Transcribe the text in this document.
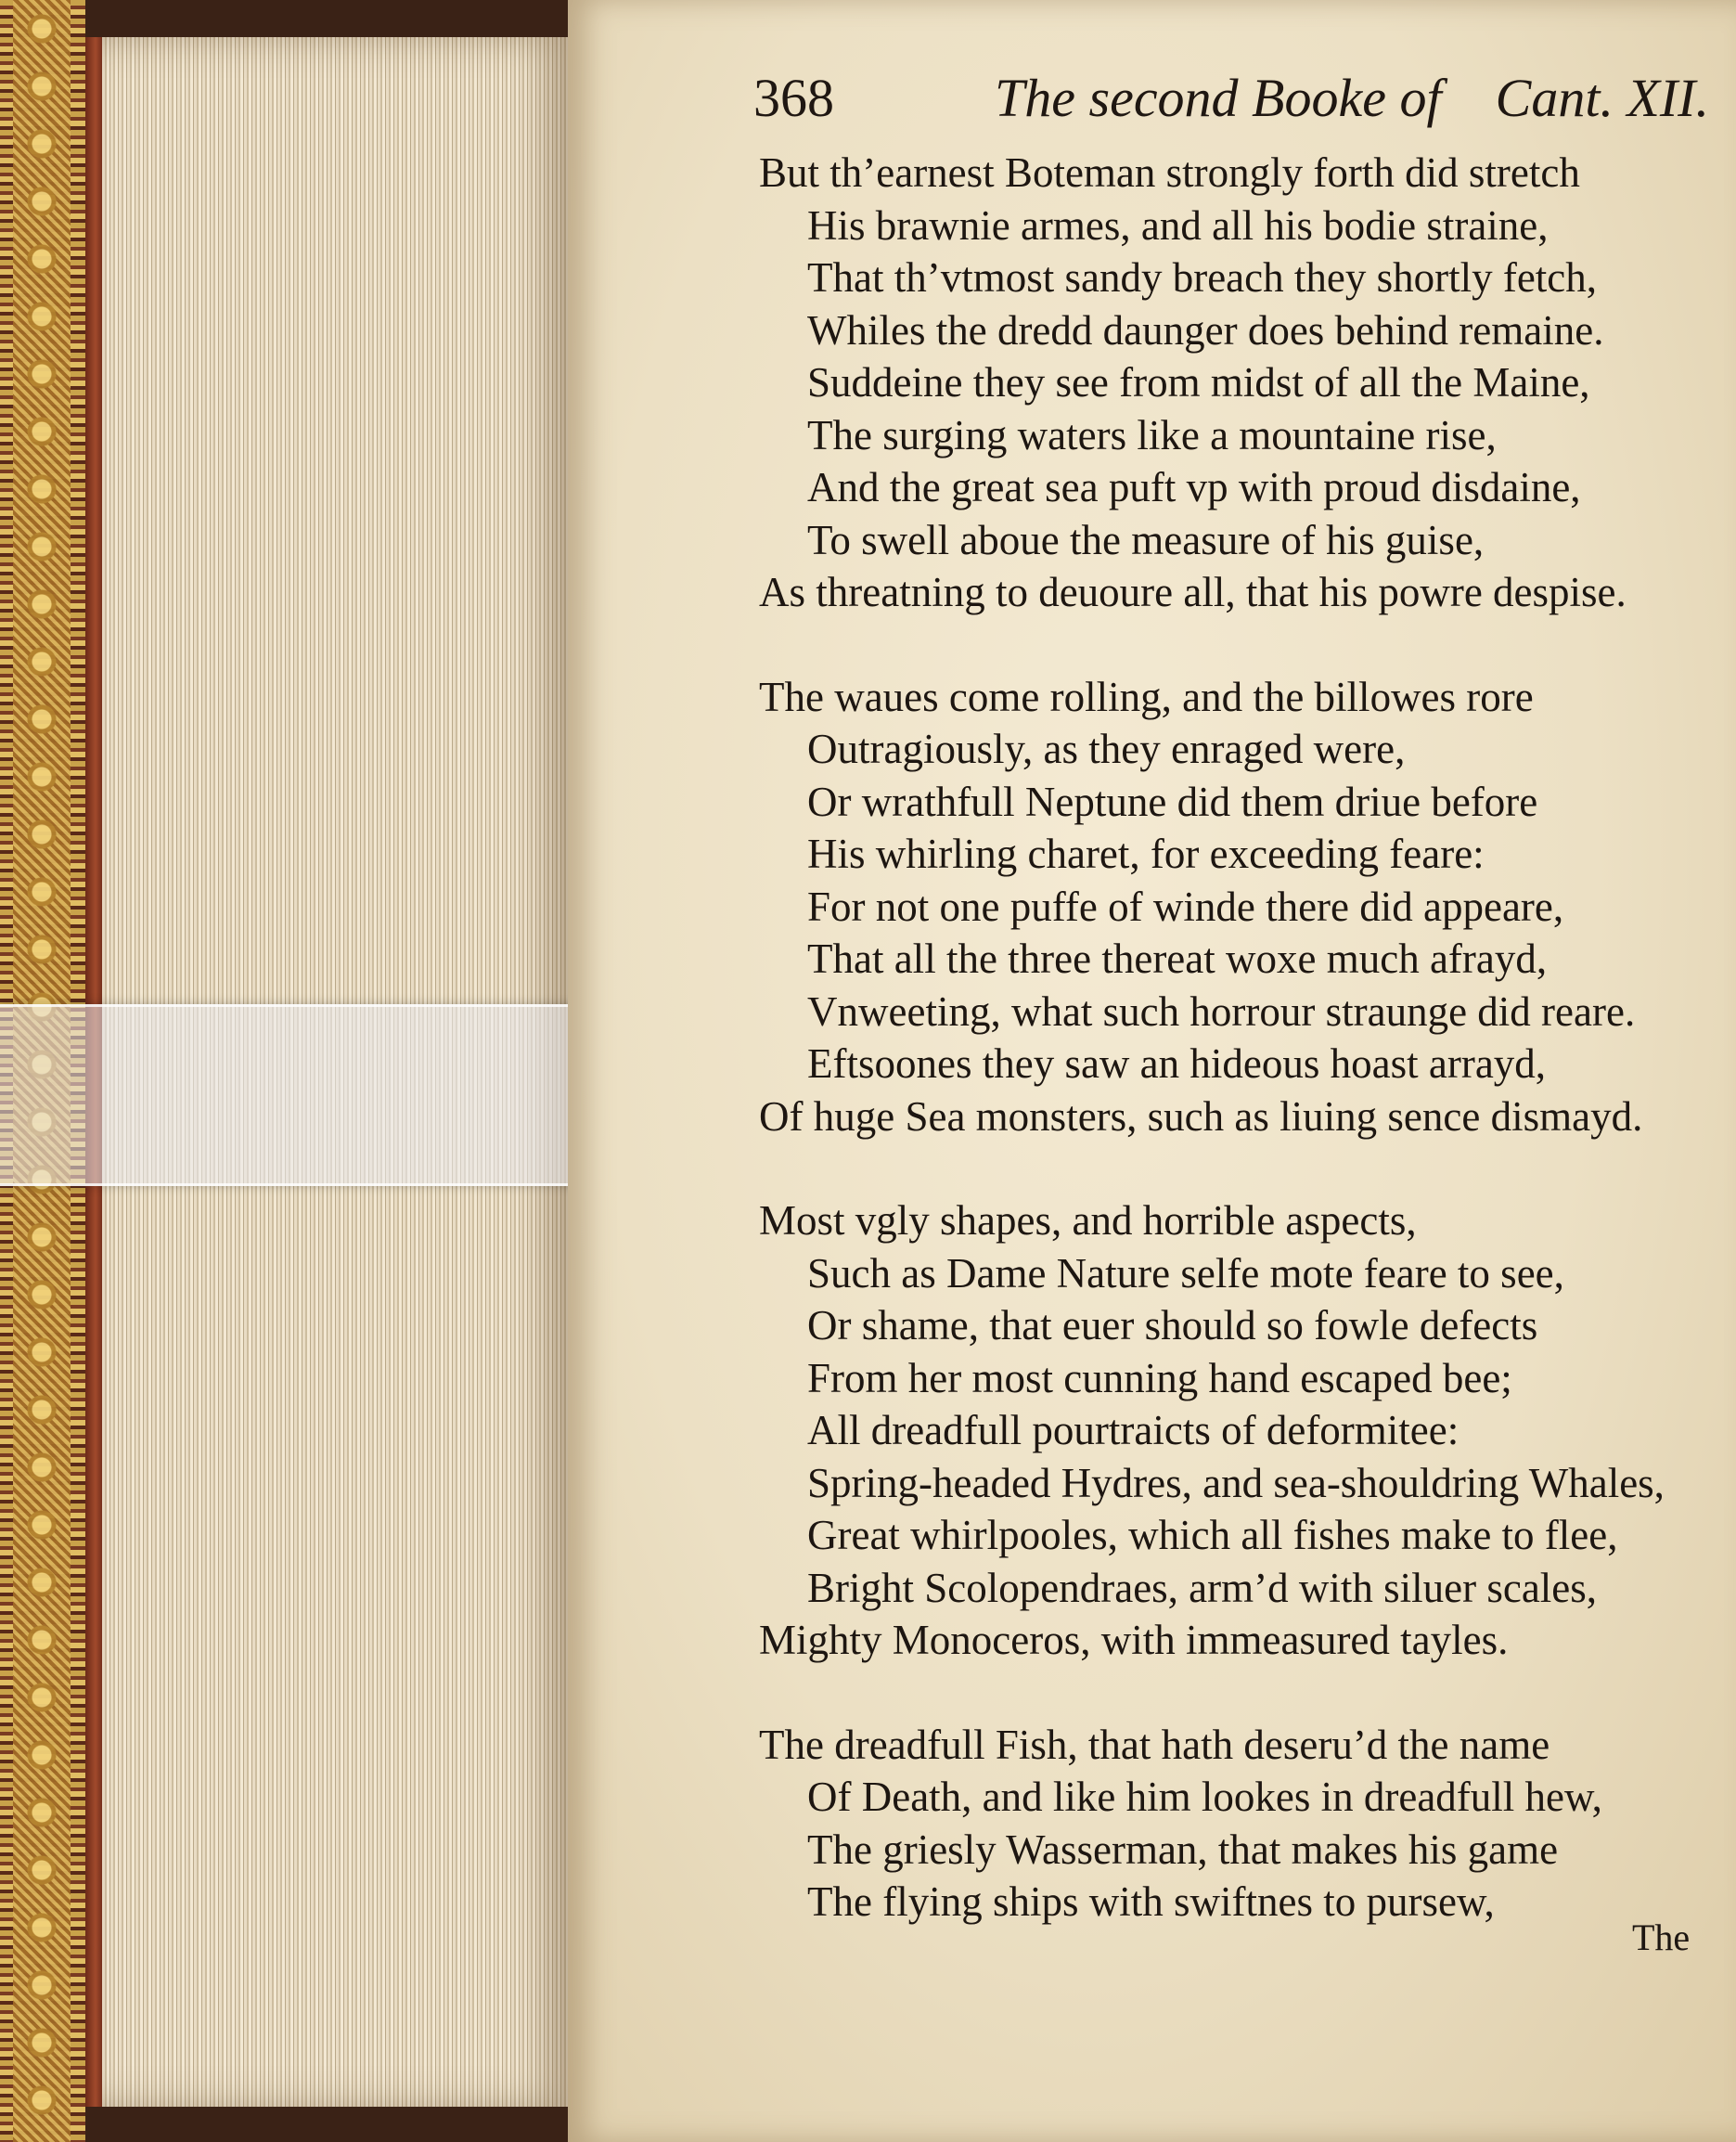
368	The second Booke of Cant. XII.
But th’earnest Boteman strongly forth did stretch
His brawnie armes, and all his bodie straine,
That th’vtmost sandy breach they shortly fetch,
Whiles the dredd daunger does behind remaine.
Suddeine they see from midst of all the Maine,
The surging waters like a mountaine rise,
And the great sea puft vp with proud disdaine,
To swell aboue the measure of his guise,
As threatning to deuoure all, that his powre despise.
The waues come rolling, and the billowes rore
Outragiously, as they enraged were,
Or wrathfull Neptune did them driue before
His whirling charet, for exceeding feare:
For not one puffe of winde there did appeare,
That all the three thereat woxe much afrayd,
Vnweeting, what such horrour straunge did reare.
Eftsoones they saw an hideous hoast arrayd,
Of huge Sea monsters, such as liuing sence dismayd.
Most vgly shapes, and horrible aspects,
Such as Dame Nature selfe mote feare to see,
Or shame, that euer should so fowle defects
From her most cunning hand escaped bee;
All dreadfull pourtraicts of deformitee:
Spring-headed Hydres, and sea-shouldring Whales,
Great whirlpooles, which all fishes make to flee,
Bright Scolopendraes, arm’d with siluer scales,
Mighty Monoceros, with immeasured tayles.
The dreadfull Fish, that hath deseru’d the name
Of Death, and like him lookes in dreadfull hew,
The griesly Wasserman, that makes his game
The flying ships with swiftnes to pursew,
The
